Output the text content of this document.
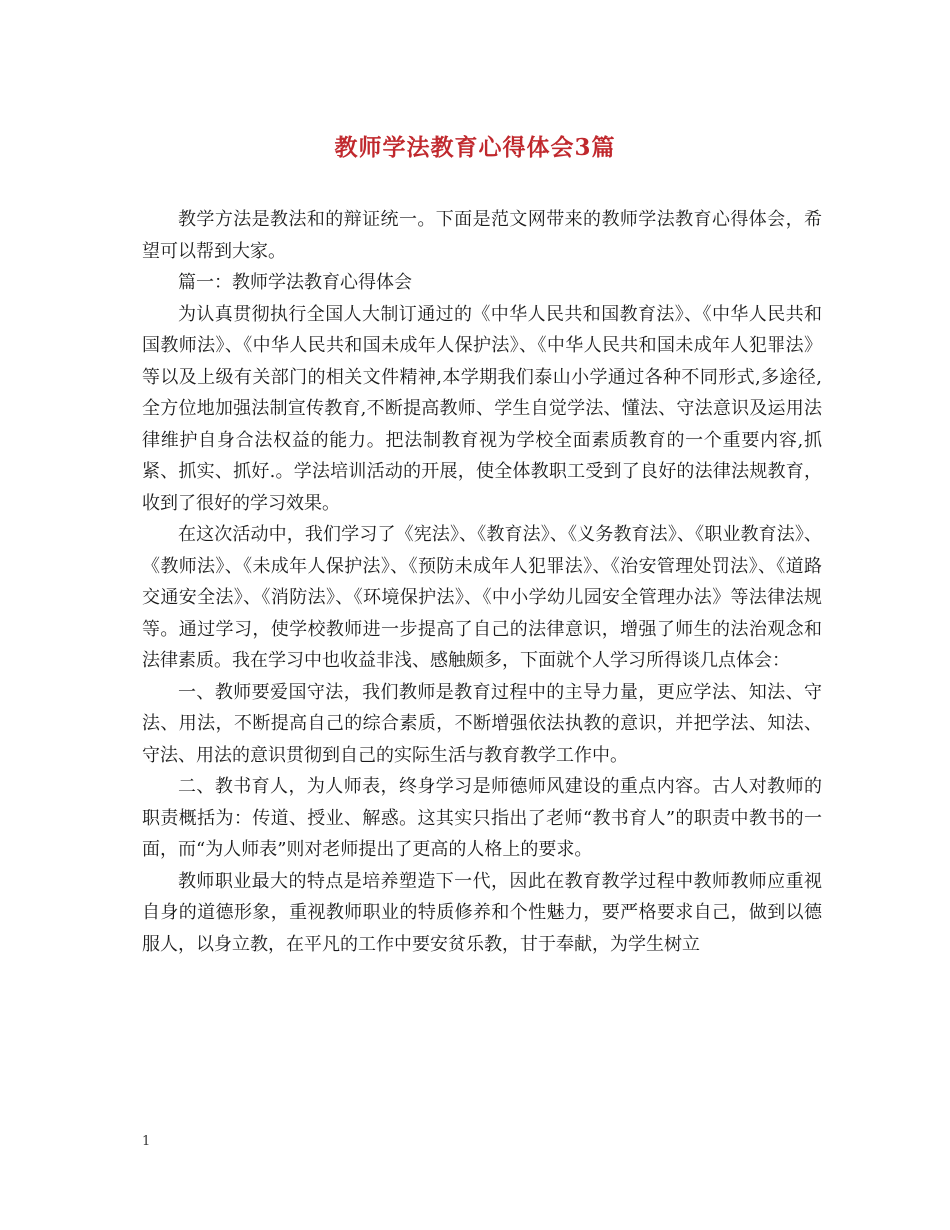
教师学法教育心得体会3篇

教学方法是教法和的辩证统一。下面是范文网带来的教师学法教育心得体会，希望可以帮到大家。

篇一：教师学法教育心得体会

为认真贯彻执行全国人大制订通过的《中华人民共和国教育法》、《中华人民共和国教师法》、《中华人民共和国未成年人保护法》、《中华人民共和国未成年人犯罪法》等以及上级有关部门的相关文件精神,本学期我们泰山小学通过各种不同形式,多途径,全方位地加强法制宣传教育,不断提高教师、学生自觉学法、懂法、守法意识及运用法律维护自身合法权益的能力。把法制教育视为学校全面素质教育的一个重要内容,抓紧、抓实、抓好.。学法培训活动的开展，使全体教职工受到了良好的法律法规教育，收到了很好的学习效果。

在这次活动中，我们学习了《宪法》、《教育法》、《义务教育法》、《职业教育法》、《教师法》、《未成年人保护法》、《预防未成年人犯罪法》、《治安管理处罚法》、《道路交通安全法》、《消防法》、《环境保护法》、《中小学幼儿园安全管理办法》等法律法规等。通过学习，使学校教师进一步提高了自己的法律意识，增强了师生的法治观念和法律素质。我在学习中也收益非浅、感触颇多，下面就个人学习所得谈几点体会：

一、教师要爱国守法，我们教师是教育过程中的主导力量，更应学法、知法、守法、用法，不断提高自己的综合素质，不断增强依法执教的意识，并把学法、知法、守法、用法的意识贯彻到自己的实际生活与教育教学工作中。

二、教书育人，为人师表，终身学习是师德师风建设的重点内容。古人对教师的职责概括为：传道、授业、解惑。这其实只指出了老师“教书育人”的职责中教书的一面，而“为人师表”则对老师提出了更高的人格上的要求。

教师职业最大的特点是培养塑造下一代，因此在教育教学过程中教师教师应重视自身的道德形象，重视教师职业的特质修养和个性魅力，要严格要求自己，做到以德服人，以身立教，在平凡的工作中要安贫乐教，甘于奉献，为学生树立

1
